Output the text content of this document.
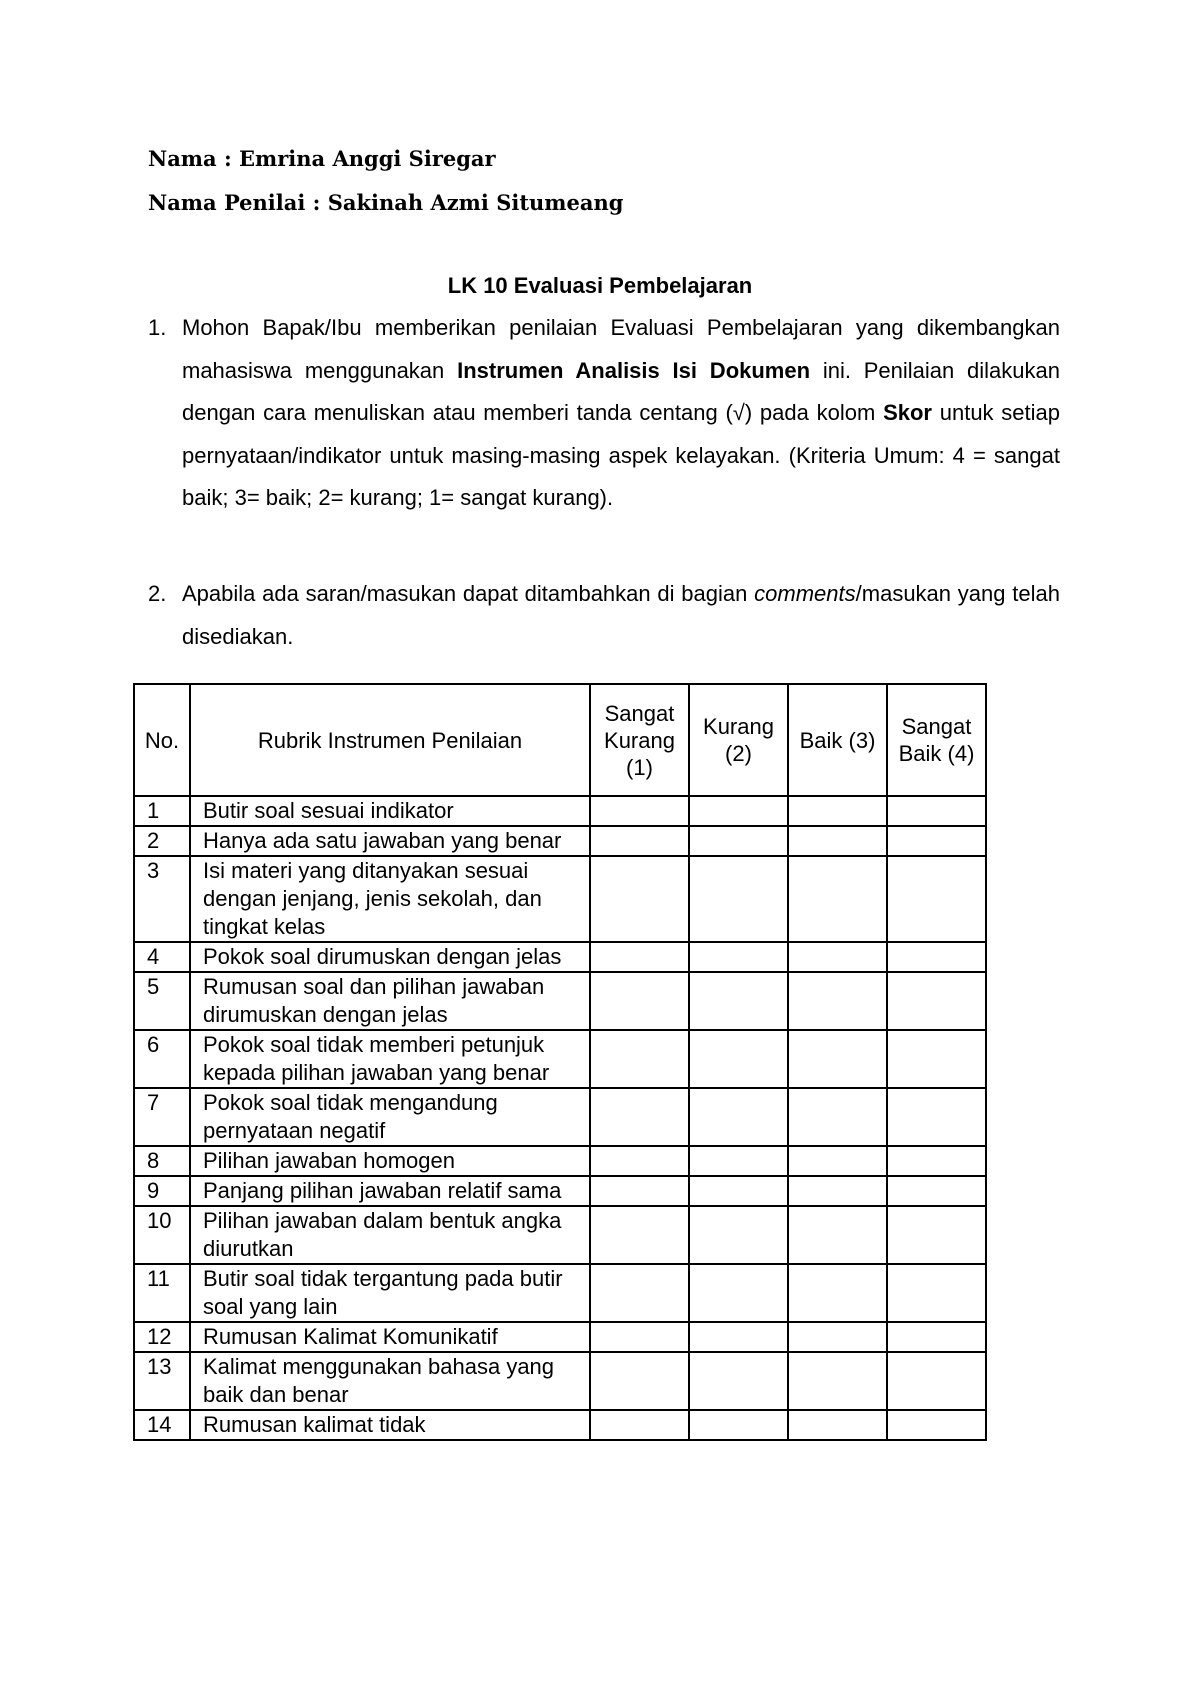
Nama : Emrina Anggi Siregar
Nama Penilai : Sakinah Azmi Situmeang
LK 10 Evaluasi Pembelajaran
1. Mohon Bapak/Ibu memberikan penilaian Evaluasi Pembelajaran yang dikembangkan mahasiswa menggunakan Instrumen Analisis Isi Dokumen ini. Penilaian dilakukan dengan cara menuliskan atau memberi tanda centang (√) pada kolom Skor untuk setiap pernyataan/indikator untuk masing-masing aspek kelayakan. (Kriteria Umum: 4 = sangat baik; 3= baik; 2= kurang; 1= sangat kurang).
2. Apabila ada saran/masukan dapat ditambahkan di bagian comments/masukan yang telah disediakan.
No.	Rubrik Instrumen Penilaian	Sangat Kurang (1)	Kurang (2)	Baik (3)	Sangat Baik (4)

1	Butir soal sesuai indikator				
2	Hanya ada satu jawaban yang benar				
3	Isi materi yang ditanyakan sesuai dengan jenjang, jenis sekolah, dan tingkat kelas				
4	Pokok soal dirumuskan dengan jelas				
5	Rumusan soal dan pilihan jawaban dirumuskan dengan jelas				
6	Pokok soal tidak memberi petunjuk kepada pilihan jawaban yang benar				
7	Pokok soal tidak mengandung pernyataan negatif				
8	Pilihan jawaban homogen				
9	Panjang pilihan jawaban relatif sama				
10	Pilihan jawaban dalam bentuk angka diurutkan				
11	Butir soal tidak tergantung pada butir soal yang lain				
12	Rumusan Kalimat Komunikatif				
13	Kalimat menggunakan bahasa yang baik dan benar				
14	Rumusan kalimat tidak				
